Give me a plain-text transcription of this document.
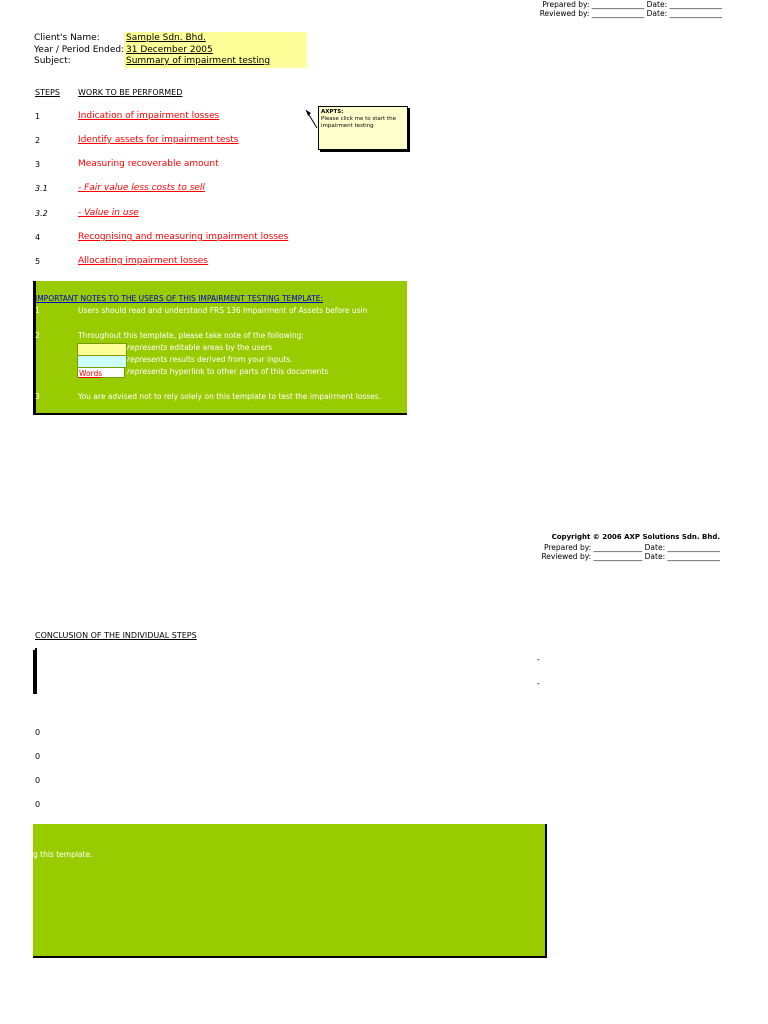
Prepared by: ______________ Date: ______________
Reviewed by: ______________ Date: ______________
Client's Name:	Sample Sdn. Bhd.
Year / Period Ended: 31 December 2005
Subject:	Summary of impairment testing
STEPS WORK TO BE PERFORMED
1	Indication of impairment losses
2	Identify assets for impairment tests
3	Measuring recoverable amount
3.1	- Fair value less costs to sell
3.2	- Value in use
4	Recognising and measuring impairment losses
5	Allocating impairment losses
AXPTS:
Please click me to start the impairment testing
IMPORTANT NOTES TO THE USERS OF THIS IMPAIRMENT TESTING TEMPLATE:
1	Users should read and understand FRS 136 Impairment of Assets before usin
2	Throughout this template, please take note of the following:
represents editable areas by the users
represents results derived from your inputs.
Words	represents hyperlink to other parts of this documents
3	You are advised not to rely solely on this template to test the impairment losses.
Copyright © 2006 AXP Solutions Sdn. Bhd.
Prepared by: _____________ Date: ______________
Reviewed by: _____________ Date: ______________
CONCLUSION OF THE INDIVIDUAL STEPS
-
-
0
0
0
0
g this template.
